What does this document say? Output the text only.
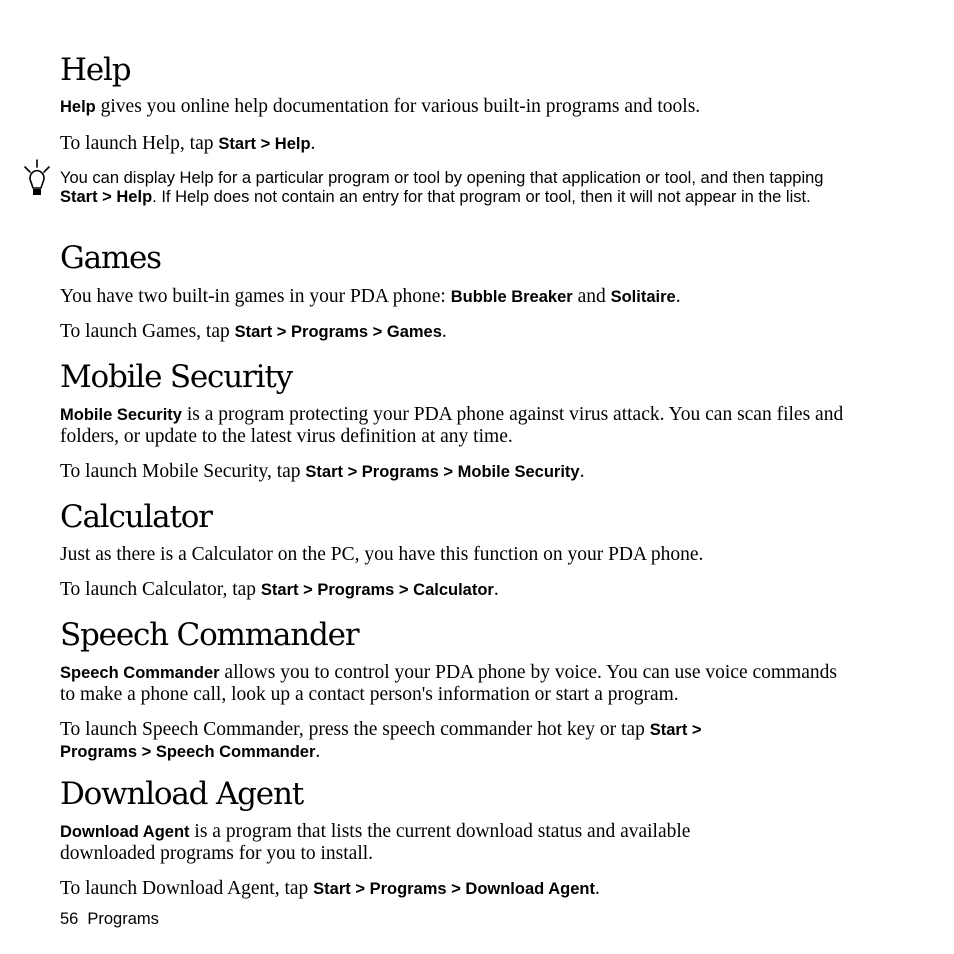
Help

Help gives you online help documentation for various built-in programs and tools.

To launch Help, tap Start > Help.

You can display Help for a particular program or tool by opening that application or tool, and then tapping Start > Help. If Help does not contain an entry for that program or tool, then it will not appear in the list.
Games

You have two built-in games in your PDA phone: Bubble Breaker and Solitaire.

To launch Games, tap Start > Programs > Games.

Mobile Security

Mobile Security is a program protecting your PDA phone against virus attack. You can scan files and folders, or update to the latest virus definition at any time.

To launch Mobile Security, tap Start > Programs > Mobile Security.

Calculator

Just as there is a Calculator on the PC, you have this function on your PDA phone.

To launch Calculator, tap Start > Programs > Calculator.

Speech Commander

Speech Commander allows you to control your PDA phone by voice. You can use voice commands to make a phone call, look up a contact person's information or start a program.

To launch Speech Commander, press the speech commander hot key or tap Start > Programs > Speech Commander.

Download Agent

Download Agent is a program that lists the current download status and available downloaded programs for you to install.

To launch Download Agent, tap Start > Programs > Download Agent.

56 Programs
